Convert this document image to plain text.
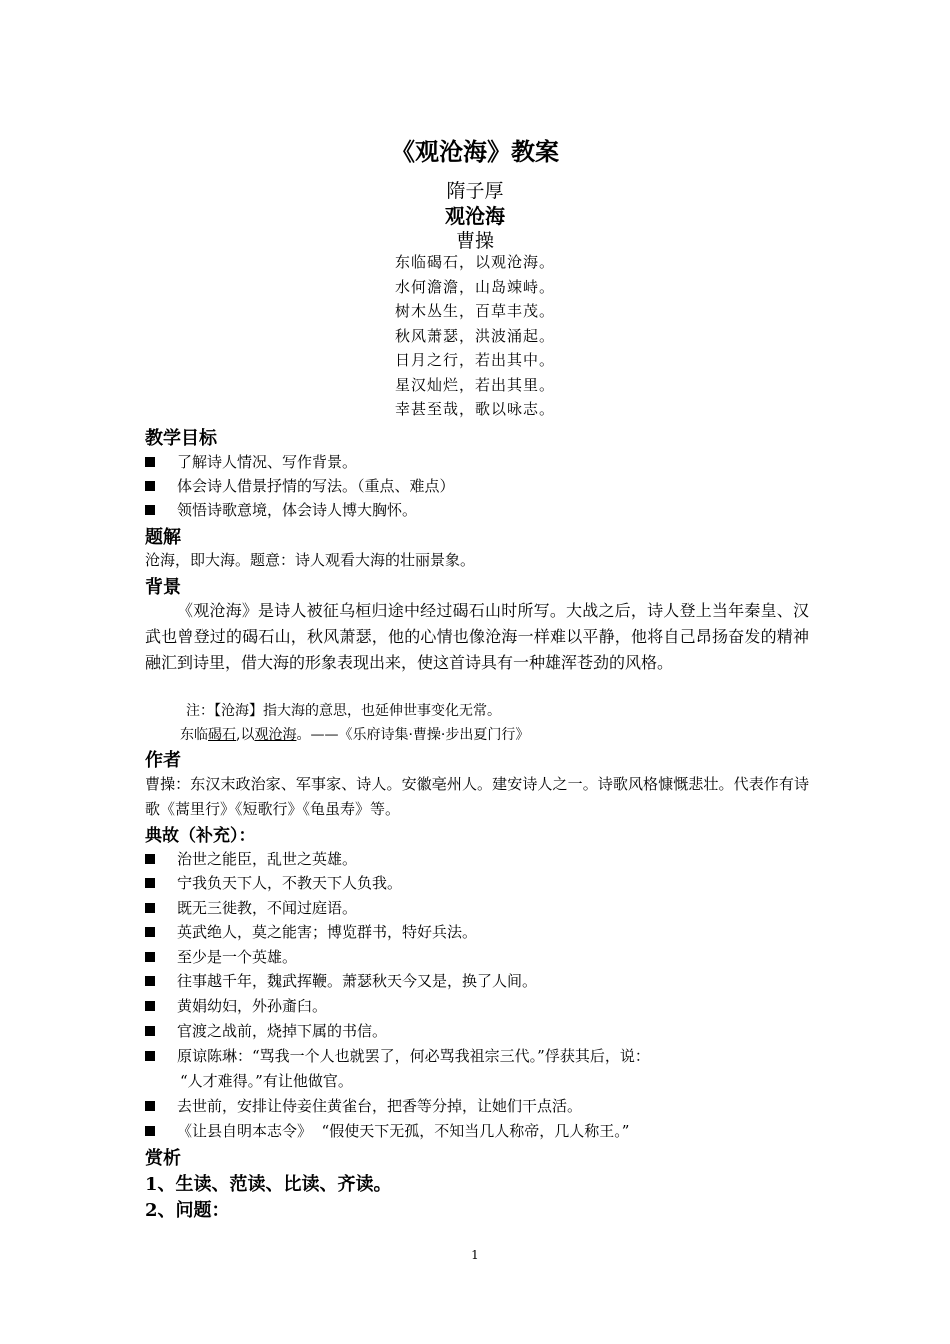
《观沧海》教案
隋子厚
观沧海
曹操
东临碣石，以观沧海。
水何澹澹，山岛竦峙。
树木丛生，百草丰茂。
秋风萧瑟，洪波涌起。
日月之行，若出其中。
星汉灿烂，若出其里。
幸甚至哉，歌以咏志。
教学目标
了解诗人情况、写作背景。
体会诗人借景抒情的写法。（重点、难点）
领悟诗歌意境，体会诗人博大胸怀。
题解
沧海，即大海。题意：诗人观看大海的壮丽景象。
背景
《观沧海》是诗人被征乌桓归途中经过碣石山时所写。大战之后，诗人登上当年秦皇、汉武也曾登过的碣石山，秋风萧瑟，他的心情也像沧海一样难以平静，他将自己昂扬奋发的精神融汇到诗里，借大海的形象表现出来，使这首诗具有一种雄浑苍劲的风格。
注：【沧海】指大海的意思，也延伸世事变化无常。
东临碣石,以观沧海。——《乐府诗集·曹操·步出夏门行》
作者
曹操：东汉末政治家、军事家、诗人。安徽亳州人。建安诗人之一。诗歌风格慷慨悲壮。代表作有诗歌《蒿里行》《短歌行》《龟虽寿》等。
典故（补充）：
治世之能臣，乱世之英雄。
宁我负天下人，不教天下人负我。
既无三徙教，不闻过庭语。
英武绝人，莫之能害；博览群书，特好兵法。
至少是一个英雄。
往事越千年，魏武挥鞭。萧瑟秋天今又是，换了人间。
黄娟幼妇，外孙齑臼。
官渡之战前，烧掉下属的书信。
原谅陈琳：“骂我一个人也就罢了，何必骂我祖宗三代。”俘获其后，说：
“人才难得。”有让他做官。
去世前，安排让侍妾住黄雀台，把香等分掉，让她们干点活。
《让县自明本志令》  “假使天下无孤，不知当几人称帝，几人称王。”
赏析
1、生读、范读、比读、齐读。
2、问题：
1
